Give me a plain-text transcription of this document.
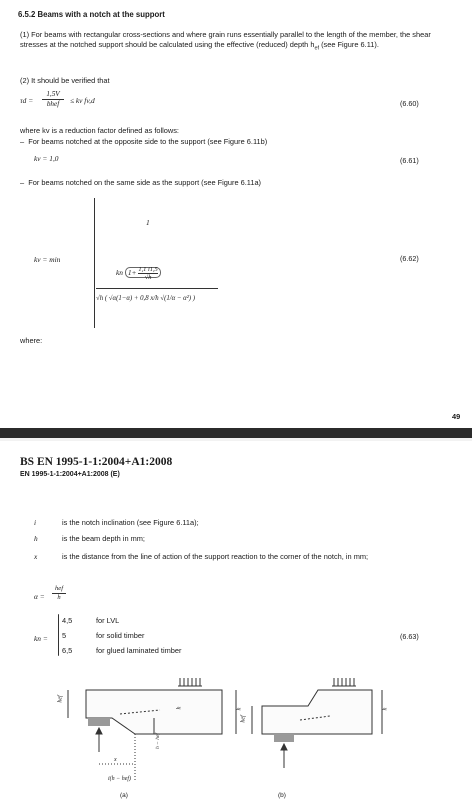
6.5.2 Beams with a notch at the support
(1) For beams with rectangular cross-sections and where grain runs essentially parallel to the length of the member, the shear stresses at the notched support should be calculated using the effective (reduced) depth $h_{ef}$ (see Figure 6.11).
(2) It should be verified that
τd =
1,5V
bhef	≤ kv fv,d	(6.60)
where kv is a reduction factor defined as follows:
–  For beams notched at the opposite side to the support (see Figure 6.11b)
kv = 1,0	(6.61)
–  For beams notched on the same side as the support (see Figure 6.11a)
kv = min
1
kn $1+ \frac{1,1 i1,5}{√h}$
√h ( √α(1−α) + 0,8 x/h √(1/α − α²) )
(6.62)
where:
49
BS EN 1995-1-1:2004+A1:2008
EN 1995-1-1:2004+A1:2008 (E)
i	is the notch inclination (see Figure 6.11a);
h	is the beam depth in mm;
x	is the distance from the line of action of the support reaction to the corner of the notch, in mm;
α =
hef
h
kn =
4,5	for LVL
5	for solid timber
6,5	for glued laminated timber
(6.63)
hef
h
h
h − hef
x
i(h − hef)
(a)
hef
h
(b)
